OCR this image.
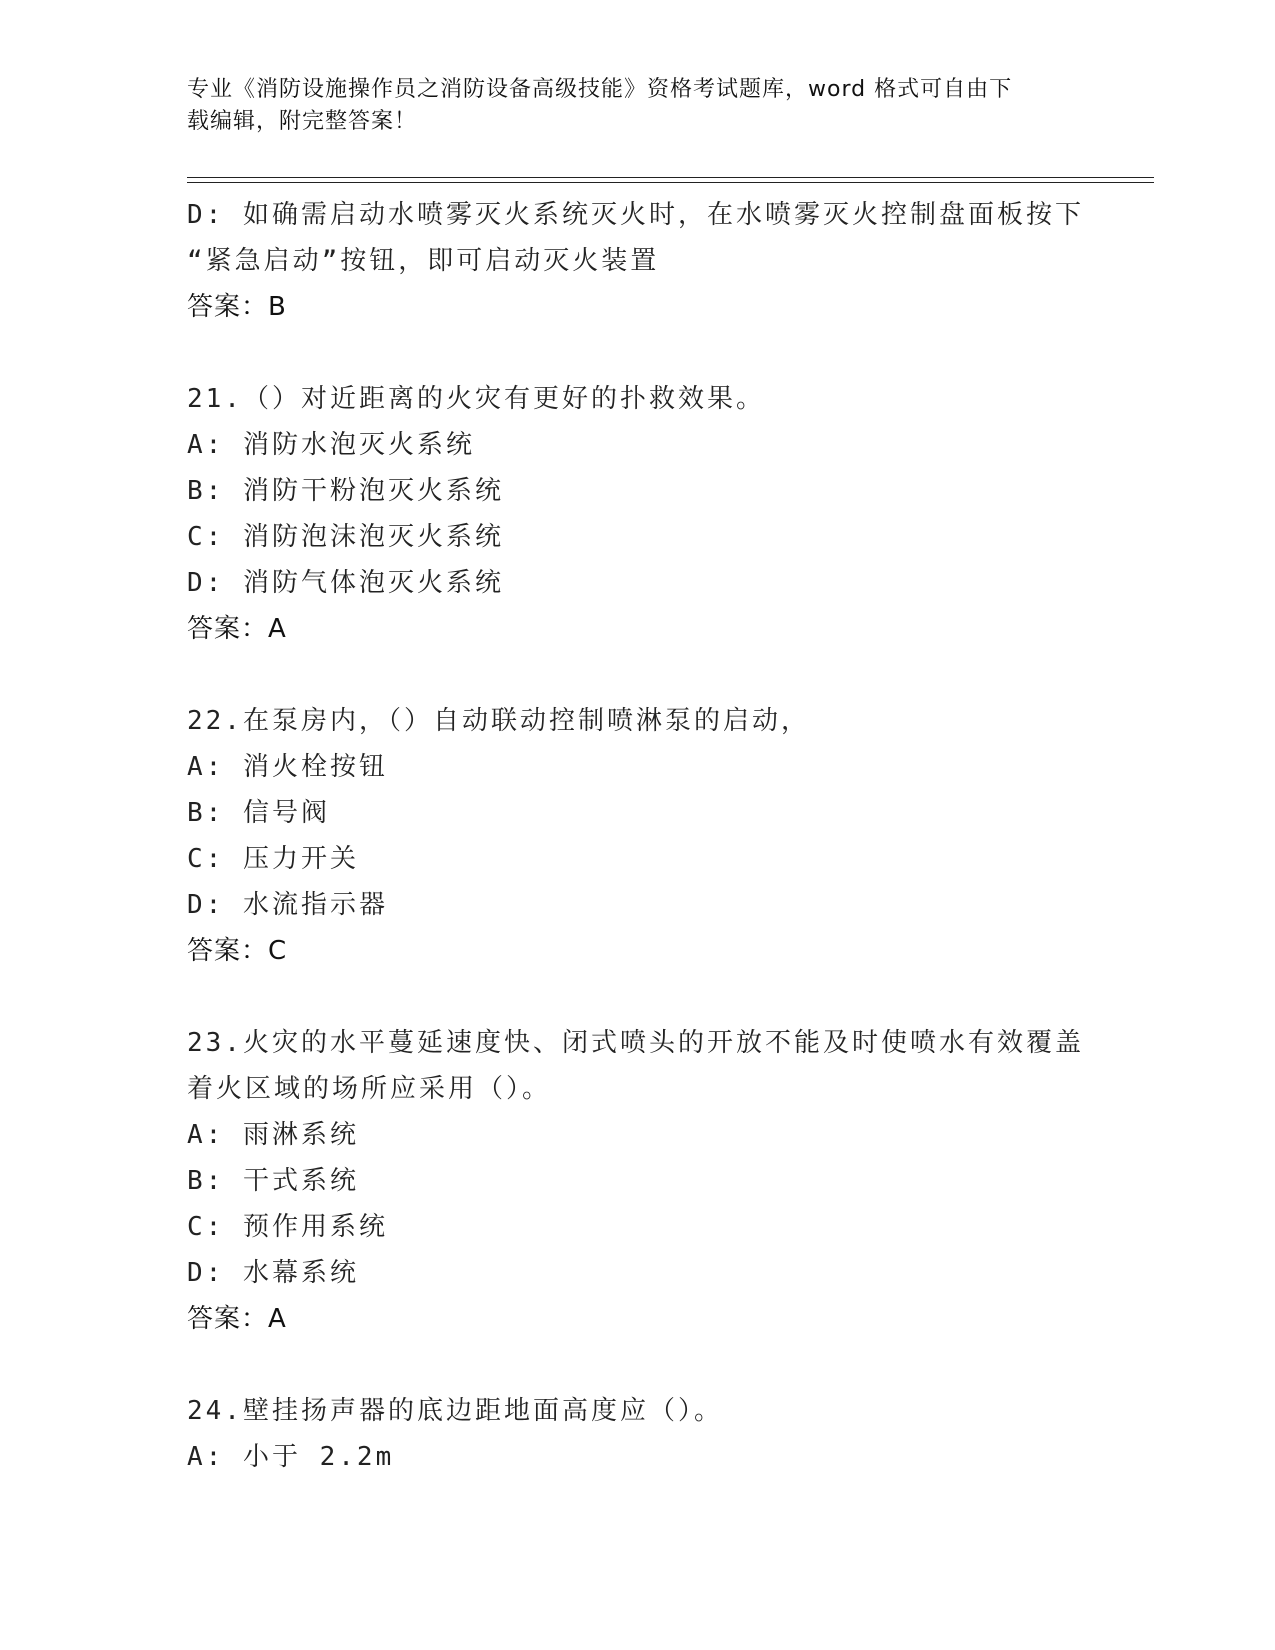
专业《消防设施操作员之消防设备高级技能》资格考试题库，word 格式可自由下
载编辑，附完整答案！
D: 如确需启动水喷雾灭火系统灭火时，在水喷雾灭火控制盘面板按下
“紧急启动”按钮，即可启动灭火装置
答案：B
21.（）对近距离的火灾有更好的扑救效果。
A: 消防水泡灭火系统
B: 消防干粉泡灭火系统
C: 消防泡沫泡灭火系统
D: 消防气体泡灭火系统
答案：A
22.在泵房内，（）自动联动控制喷淋泵的启动，
A: 消火栓按钮
B: 信号阀
C: 压力开关
D: 水流指示器
答案：C
23.火灾的水平蔓延速度快、闭式喷头的开放不能及时使喷水有效覆盖
着火区域的场所应采用（）。
A: 雨淋系统
B: 干式系统
C: 预作用系统
D: 水幕系统
答案：A
24.壁挂扬声器的底边距地面高度应（）。
A: 小于 2.2m
